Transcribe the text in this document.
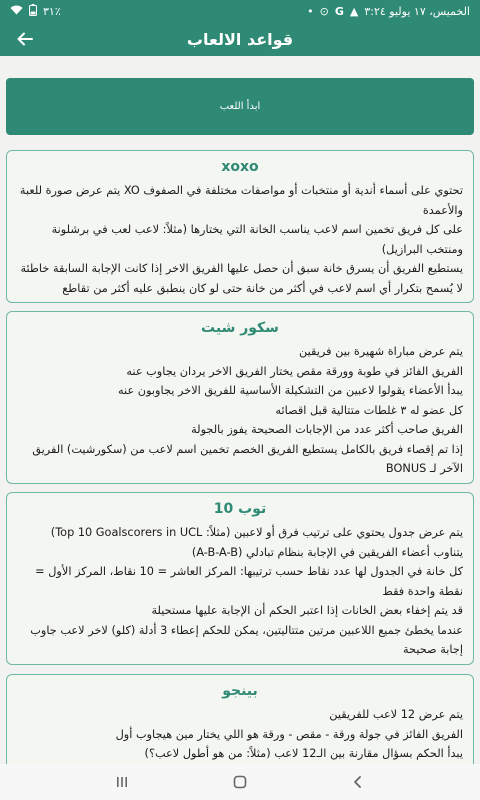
الخميس، ١٧ يوليو ٣:٢٤
▲
G
⊙
•
٣١٪
قواعد الالعاب
ابدأ اللعب
xoxo

تحتوي على أسماء أندية أو منتخبات أو مواصفات مختلفة في الصفوف XO يتم عرض صورة للعبة والأعمدة

على كل فريق تخمين اسم لاعب يناسب الخانة التي يختارها (مثلاً: لاعب لعب في برشلونة ومنتخب البرازيل)

يستطيع الفريق أن يسرق خانة سبق أن حصل عليها الفريق الاخر إذا كانت الإجابة السابقة خاطئة

لا يُسمح بتكرار أي اسم لاعب في أكثر من خانة حتى لو كان ينطبق عليه أكثر من تقاطع

سكور شيت

يتم عرض مباراة شهيرة بين فريقين

الفريق الفائز في طوبة وورقة مقص يختار الفريق الاخر يردان يجاوب عنه

يبدأ الأعضاء يقولوا لاعبين من التشكيلة الأساسية للفريق الاخر يجاوبون عنه

كل عضو له ٣ غلطات متتالية قبل اقصائه

الفريق صاحب أكثر عدد من الإجابات الصحيحة يفوز بالجولة

إذا تم إقصاء فريق بالكامل يستطيع الفريق الخصم تخمين اسم لاعب من (سكورشيت) الفريق الآخر لـ BONUS

توب 10

يتم عرض جدول يحتوي على ترتيب فرق أو لاعبين (مثلاً: Top 10 Goalscorers in UCL)

يتناوب أعضاء الفريقين في الإجابة بنظام تبادلي (A-B-A-B)

كل خانة في الجدول لها عدد نقاط حسب ترتيبها: المركز العاشر = 10 نقاط، المركز الأول = نقطة واحدة فقط

قد يتم إخفاء بعض الخانات إذا اعتبر الحكم أن الإجابة عليها مستحيلة

عندما يخطئ جميع اللاعبين مرتين متتاليتين، يمكن للحكم إعطاء 3 أدلة (كلو) لاخر لاعب جاوب إجابة صحيحة

بينجو

يتم عرض 12 لاعب للفريقين

الفريق الفائز في جولة ورقة - مقص - ورقة هو اللي يختار مين هيجاوب أول

يبدأ الحكم بسؤال مقارنة بين الـ12 لاعب (مثلاً: من هو أطول لاعب؟)
